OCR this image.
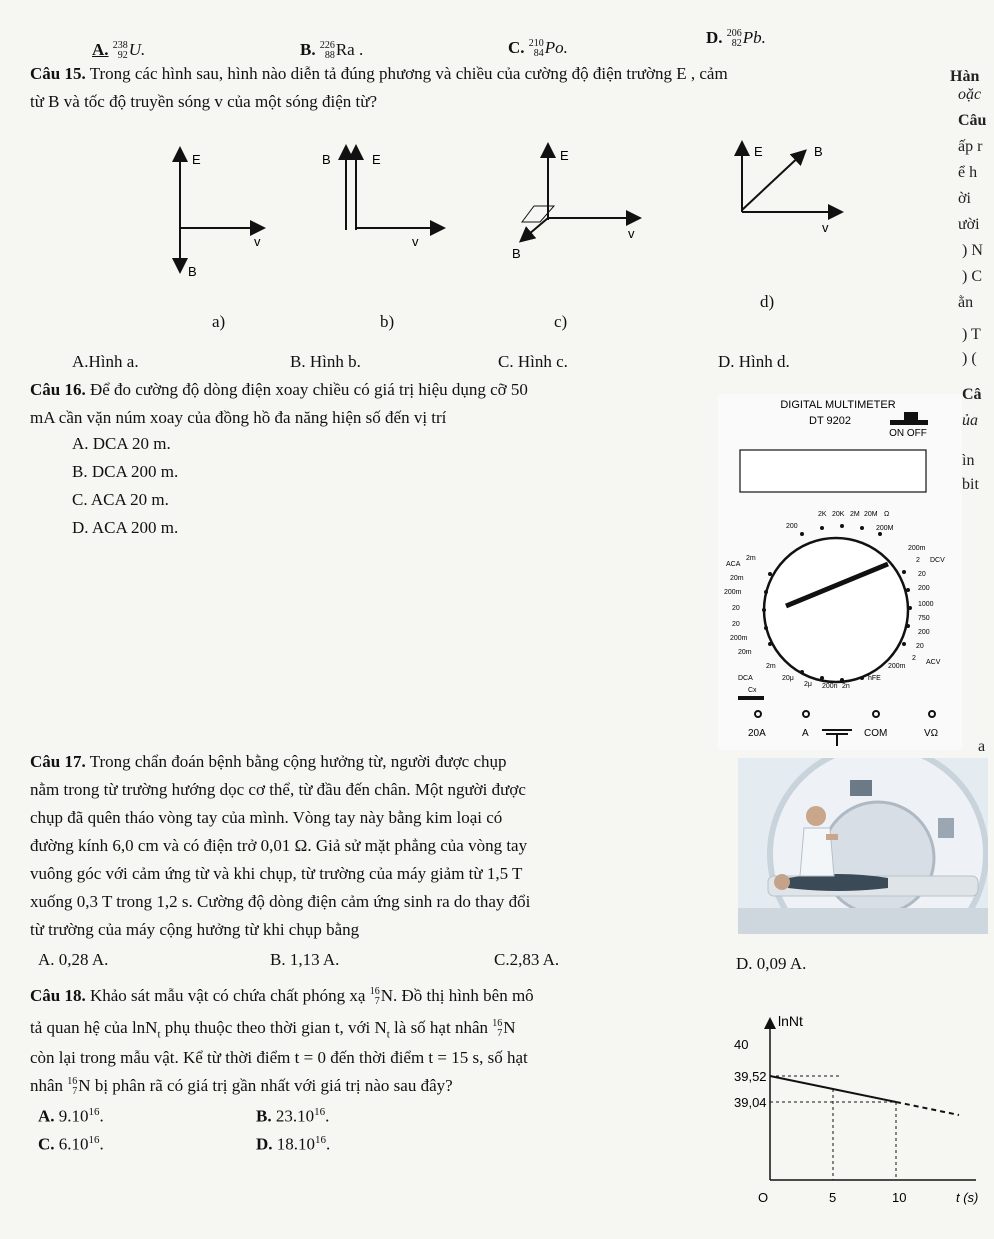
A. 238
92 U.	B. 226
88 Ra .	C. 210
84 Po.
D. 206
82 Pb.
Hàn
oặc
Câu
ấp r
ể h
ời
ười
) N
) C
ằn
) T
) (
Câ
ủa
ìn
bit
a
Câu 15. Trong các hình sau, hình nào diễn tả đúng phương và chiều của cường độ điện trường E , cảm
từ B và tốc độ truyền sóng v của một sóng điện từ?
E
v
B
B	E
v
E
v
B
E	B
v
a)	b)	c)
d)
A.Hình a.	B. Hình b.	C. Hình c.	D. Hình d.
Câu 16. Để đo cường độ dòng điện xoay chiều có giá trị hiệu dụng cỡ 50
mA cần vặn núm xoay của đồng hồ đa năng hiện số đến vị trí
A. DCA 20 m.
B. DCA 200 m.
C. ACA 20 m.
D. ACA 200 m.
DIGITAL MULTIMETER
DT 9202
ON OFF
200
2K 20K 2M 20M Ω
200M
ACA
2m
20m
200m
20
20
200m
20m
2m
DCA	20μ
2μ 200n 2n
hFE
Cx
200m
2 DCV
20
200
1000
750
200
20
2
200m
ACV
20A	A	COM	VΩ
Câu 17. Trong chẩn đoán bệnh bằng cộng hưởng từ, người được chụp
nằm trong từ trường hướng dọc cơ thể, từ đầu đến chân. Một người được
chụp đã quên tháo vòng tay của mình. Vòng tay này bằng kim loại có
đường kính 6,0 cm và có điện trở 0,01 Ω. Giả sử mặt phẳng của vòng tay
vuông góc với cảm ứng từ và khi chụp, từ trường của máy giảm từ 1,5 T
xuống 0,3 T trong 1,2 s. Cường độ dòng điện cảm ứng sinh ra do thay đổi
từ trường của máy cộng hưởng từ khi chụp bằng
A. 0,28 A.	B. 1,13 A.	C.2,83 A.	D. 0,09 A.
Câu 18. Khảo sát mẫu vật có chứa chất phóng xạ 16
7 N. Đồ thị hình bên mô
tả quan hệ của lnN$_t$ phụ thuộc theo thời gian t, với $N_t$ là số hạt nhân 16
7 N
còn lại trong mẫu vật. Kể từ thời điểm t = 0 đến thời điểm t = 15 s, số hạt
nhân 16
7 N bị phân rã có giá trị gần nhất với giá trị nào sau đây?
A. 9.10$^{16}$.	B. 23.10$^{16}$.
C. 6.10$^{16}$.	D. 18.10$^{16}$.
lnNt
40
39,52
39,04
O	5	10	t (s)
